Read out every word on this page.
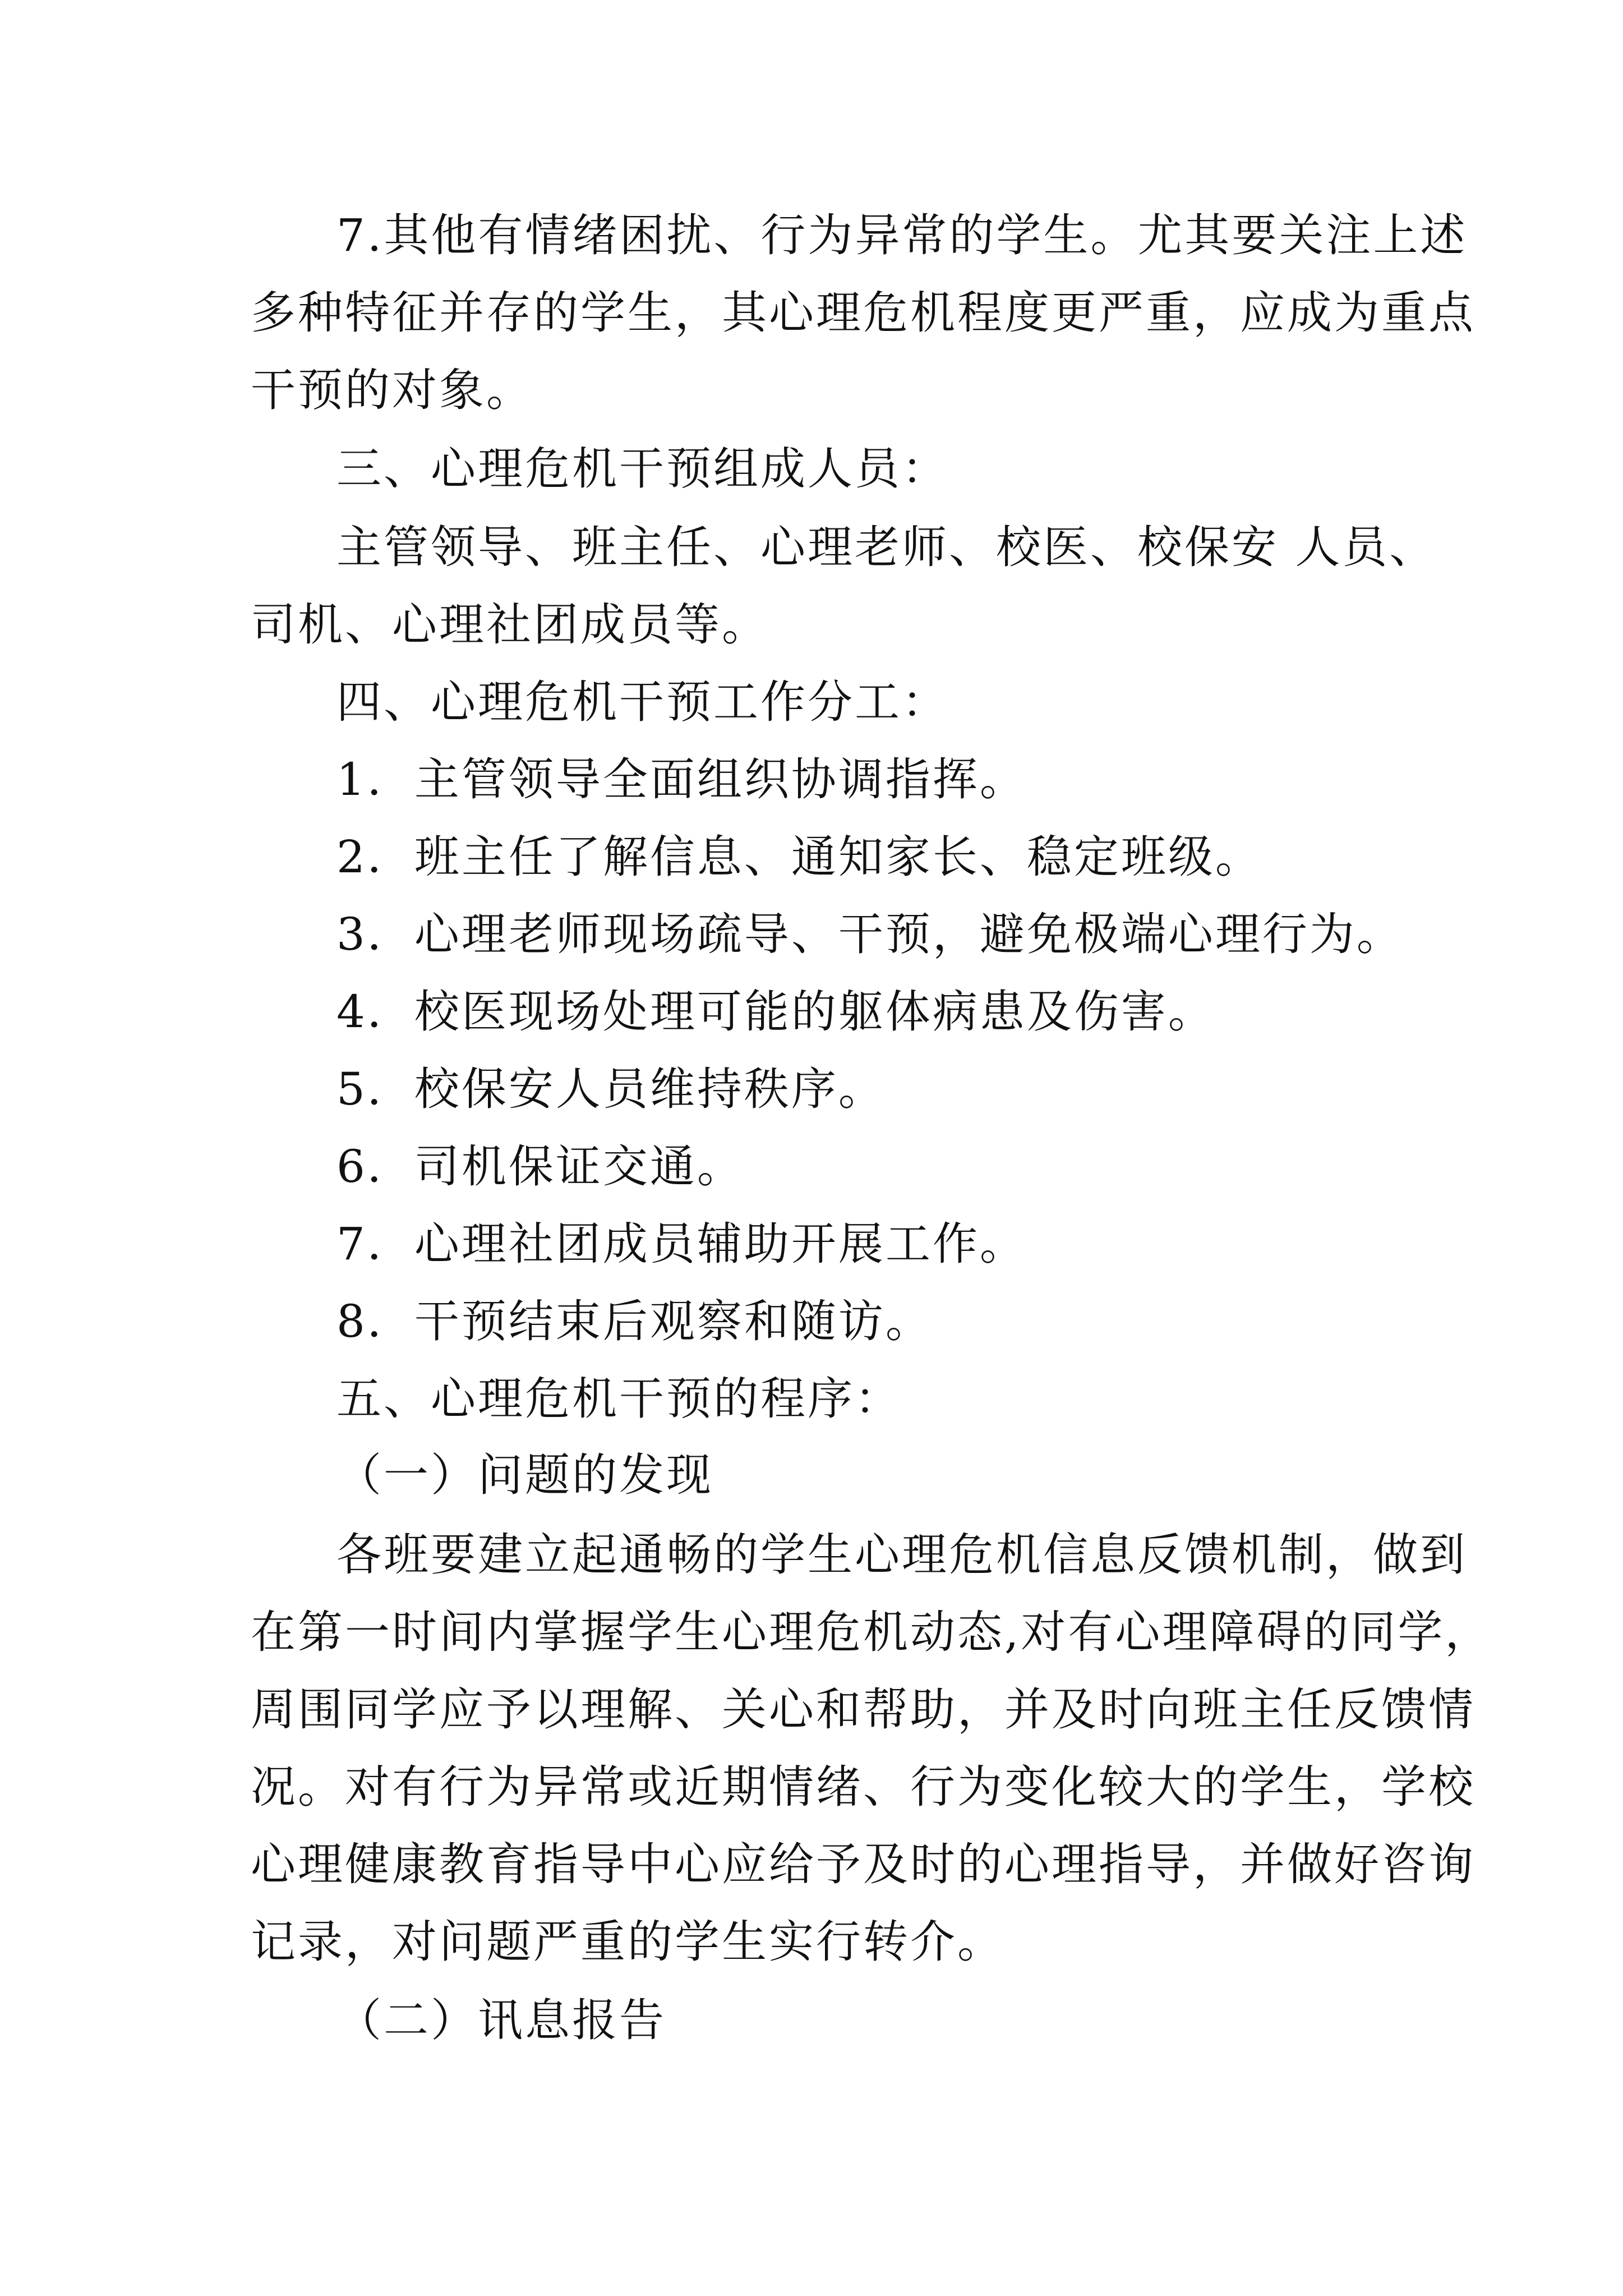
7.其他有情绪困扰、行为异常的学生。尤其要关注上述
多种特征并存的学生，其心理危机程度更严重，应成为重点
干预的对象。
三、心理危机干预组成人员：
主管领导、班主任、心理老师、校医、校保安 人员、
司机、心理社团成员等。
四、心理危机干预工作分工：
1．主管领导全面组织协调指挥。
2．班主任了解信息、通知家长、稳定班级。
3．心理老师现场疏导、干预，避免极端心理行为。
4．校医现场处理可能的躯体病患及伤害。
5．校保安人员维持秩序。
6．司机保证交通。
7．心理社团成员辅助开展工作。
8．干预结束后观察和随访。
五、心理危机干预的程序：
（一）问题的发现
各班要建立起通畅的学生心理危机信息反馈机制，做到
在第一时间内掌握学生心理危机动态,对有心理障碍的同学，
周围同学应予以理解、关心和帮助，并及时向班主任反馈情
况。对有行为异常或近期情绪、行为变化较大的学生，学校
心理健康教育指导中心应给予及时的心理指导，并做好咨询
记录，对问题严重的学生实行转介。
（二）讯息报告
